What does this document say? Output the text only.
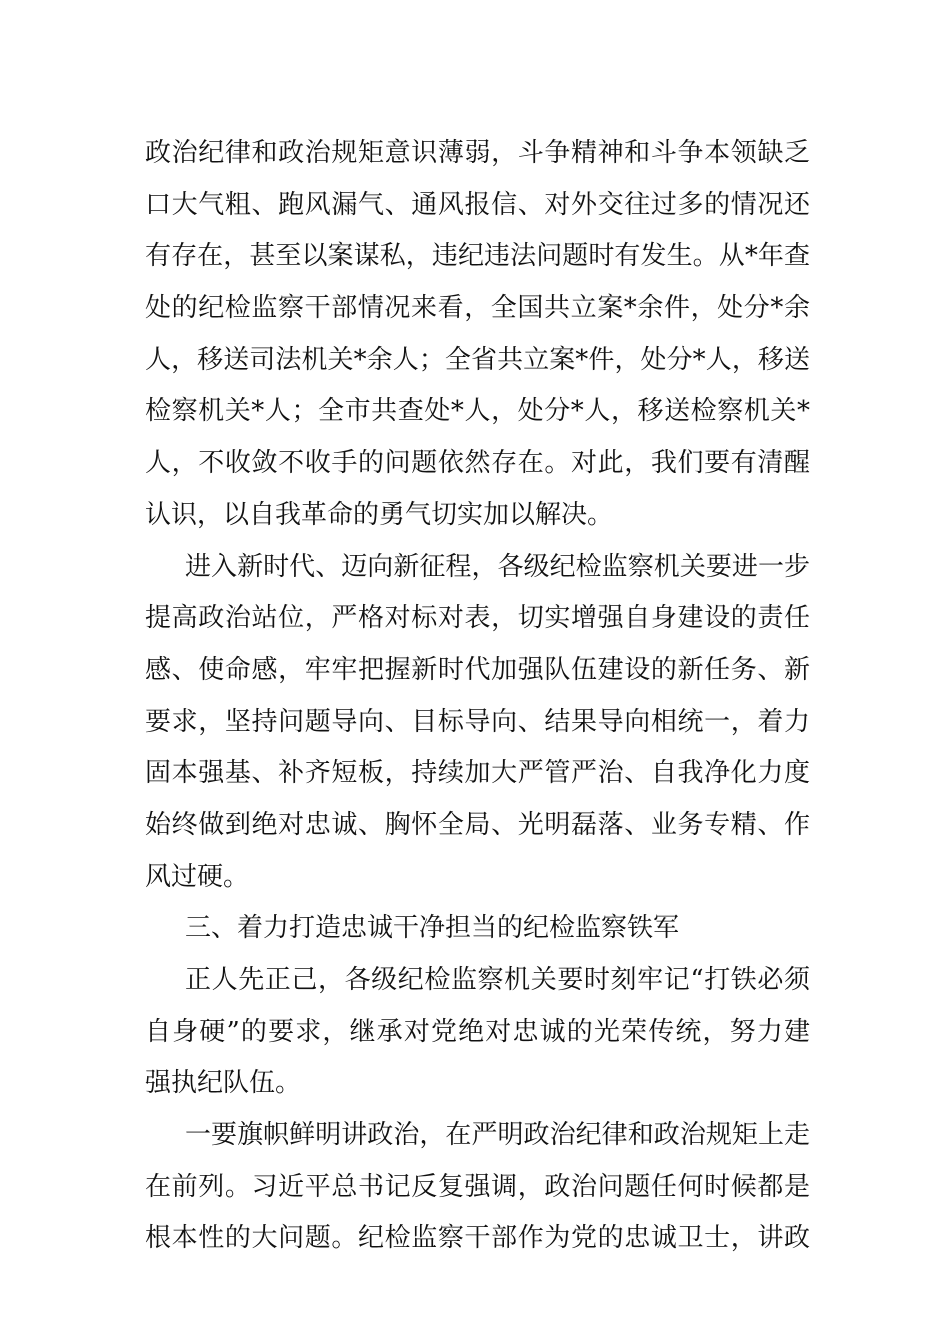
政治纪律和政治规矩意识薄弱，斗争精神和斗争本领缺乏
口大气粗、跑风漏气、通风报信、对外交往过多的情况还
有存在，甚至以案谋私，违纪违法问题时有发生。从*年查
处的纪检监察干部情况来看，全国共立案*余件，处分*余
人，移送司法机关*余人；全省共立案*件，处分*人，移送
检察机关*人；全市共查处*人，处分*人，移送检察机关*
人，不收敛不收手的问题依然存在。对此，我们要有清醒
认识，以自我革命的勇气切实加以解决。
进入新时代、迈向新征程，各级纪检监察机关要进一步
提高政治站位，严格对标对表，切实增强自身建设的责任
感、使命感，牢牢把握新时代加强队伍建设的新任务、新
要求，坚持问题导向、目标导向、结果导向相统一，着力
固本强基、补齐短板，持续加大严管严治、自我净化力度
始终做到绝对忠诚、胸怀全局、光明磊落、业务专精、作
风过硬。
三、着力打造忠诚干净担当的纪检监察铁军
正人先正己，各级纪检监察机关要时刻牢记“打铁必须
自身硬”的要求，继承对党绝对忠诚的光荣传统，努力建
强执纪队伍。
一要旗帜鲜明讲政治，在严明政治纪律和政治规矩上走
在前列。习近平总书记反复强调，政治问题任何时候都是
根本性的大问题。纪检监察干部作为党的忠诚卫士，讲政
